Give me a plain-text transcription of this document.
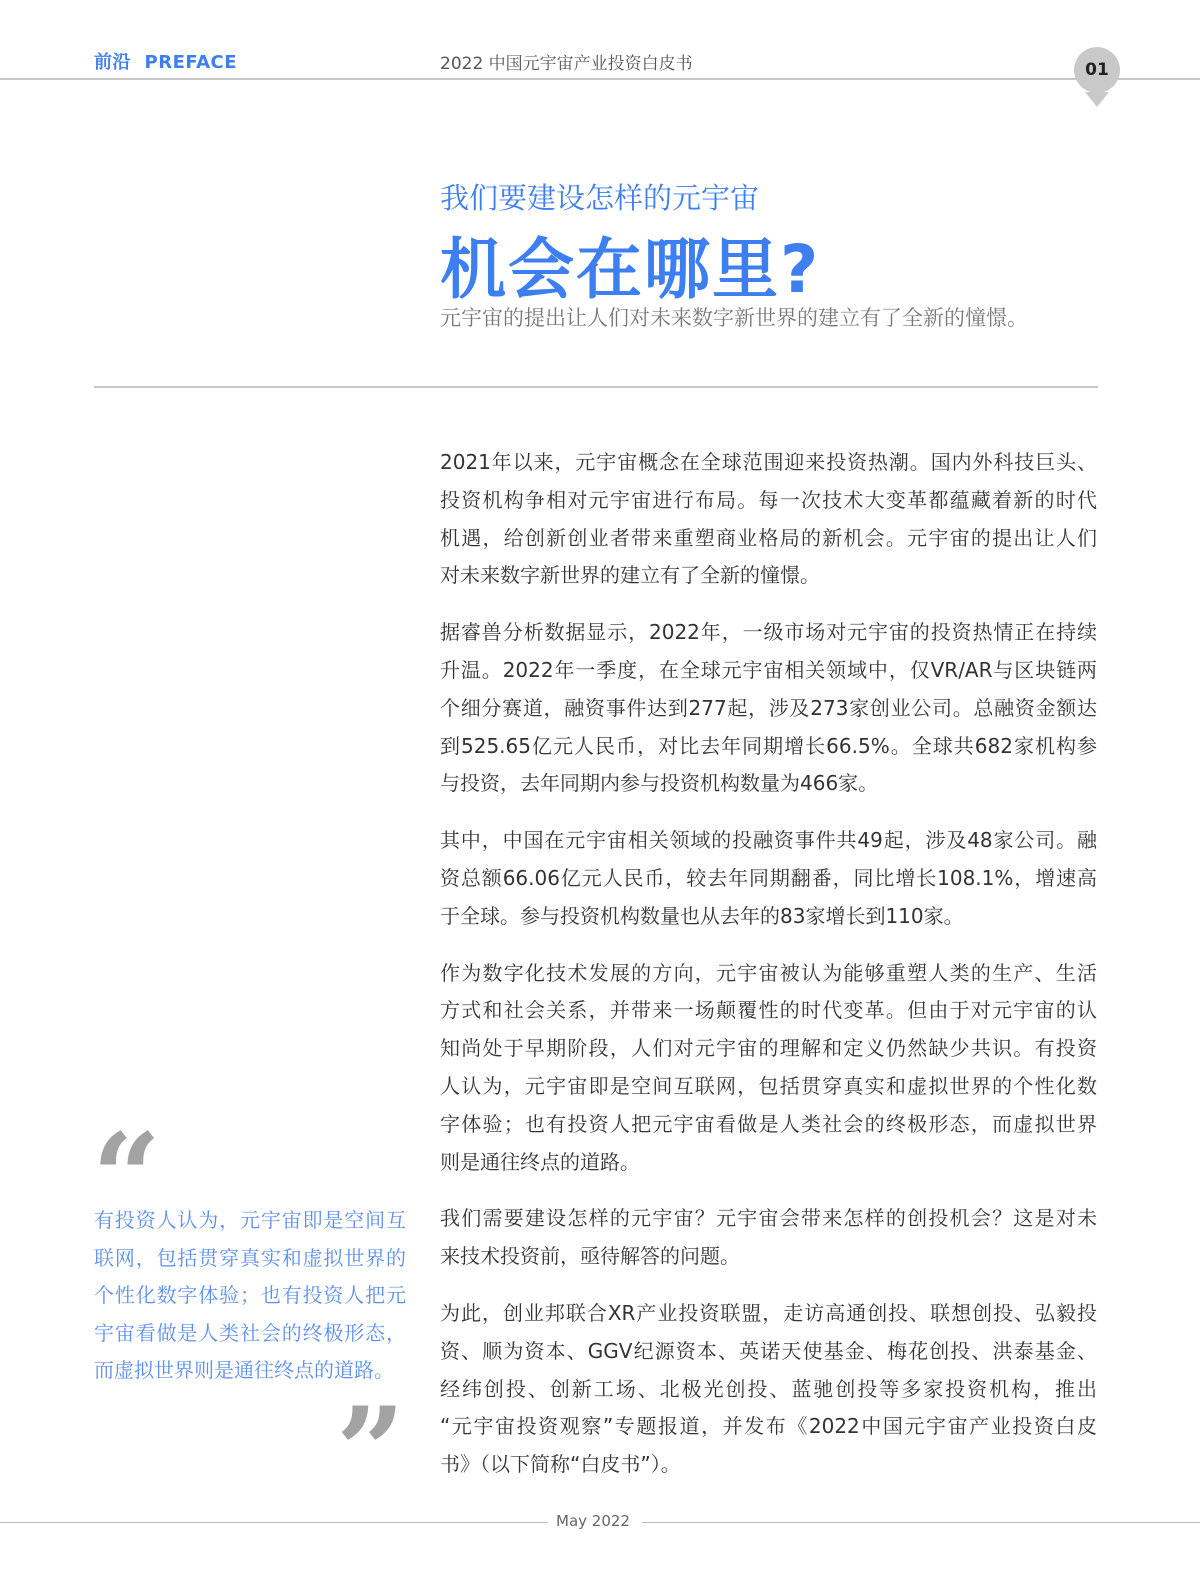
前沿  PREFACE	2022 中国元宇宙产业投资白皮书	01
我们要建设怎样的元宇宙
机会在哪里?
元宇宙的提出让人们对未来数字新世界的建立有了全新的憧憬。
2021年以来，元宇宙概念在全球范围迎来投资热潮。国内外科技巨头、
投资机构争相对元宇宙进行布局。每一次技术大变革都蕴藏着新的时代
机遇，给创新创业者带来重塑商业格局的新机会。元宇宙的提出让人们
对未来数字新世界的建立有了全新的憧憬。
据睿兽分析数据显示，2022年，一级市场对元宇宙的投资热情正在持续
升温。2022年一季度，在全球元宇宙相关领域中，仅VR/AR与区块链两
个细分赛道，融资事件达到277起，涉及273家创业公司。总融资金额达
到525.65亿元人民币，对比去年同期增长66.5%。全球共682家机构参
与投资，去年同期内参与投资机构数量为466家。
其中，中国在元宇宙相关领域的投融资事件共49起，涉及48家公司。融
资总额66.06亿元人民币，较去年同期翻番，同比增长108.1%，增速高
于全球。参与投资机构数量也从去年的83家增长到110家。
作为数字化技术发展的方向，元宇宙被认为能够重塑人类的生产、生活
方式和社会关系，并带来一场颠覆性的时代变革。但由于对元宇宙的认
知尚处于早期阶段，人们对元宇宙的理解和定义仍然缺少共识。有投资
人认为，元宇宙即是空间互联网，包括贯穿真实和虚拟世界的个性化数
字体验；也有投资人把元宇宙看做是人类社会的终极形态，而虚拟世界
则是通往终点的道路。
我们需要建设怎样的元宇宙？元宇宙会带来怎样的创投机会？这是对未
来技术投资前，亟待解答的问题。
为此，创业邦联合XR产业投资联盟，走访高通创投、联想创投、弘毅投
资、顺为资本、GGV纪源资本、英诺天使基金、梅花创投、洪泰基金、
经纬创投、创新工场、北极光创投、蓝驰创投等多家投资机构，推出
“元宇宙投资观察”专题报道，并发布《2022中国元宇宙产业投资白皮
书》（以下简称“白皮书”）。
“
有投资人认为，元宇宙即是空间互
联网，包括贯穿真实和虚拟世界的
个性化数字体验；也有投资人把元
宇宙看做是人类社会的终极形态，
而虚拟世界则是通往终点的道路。
”	May 2022
